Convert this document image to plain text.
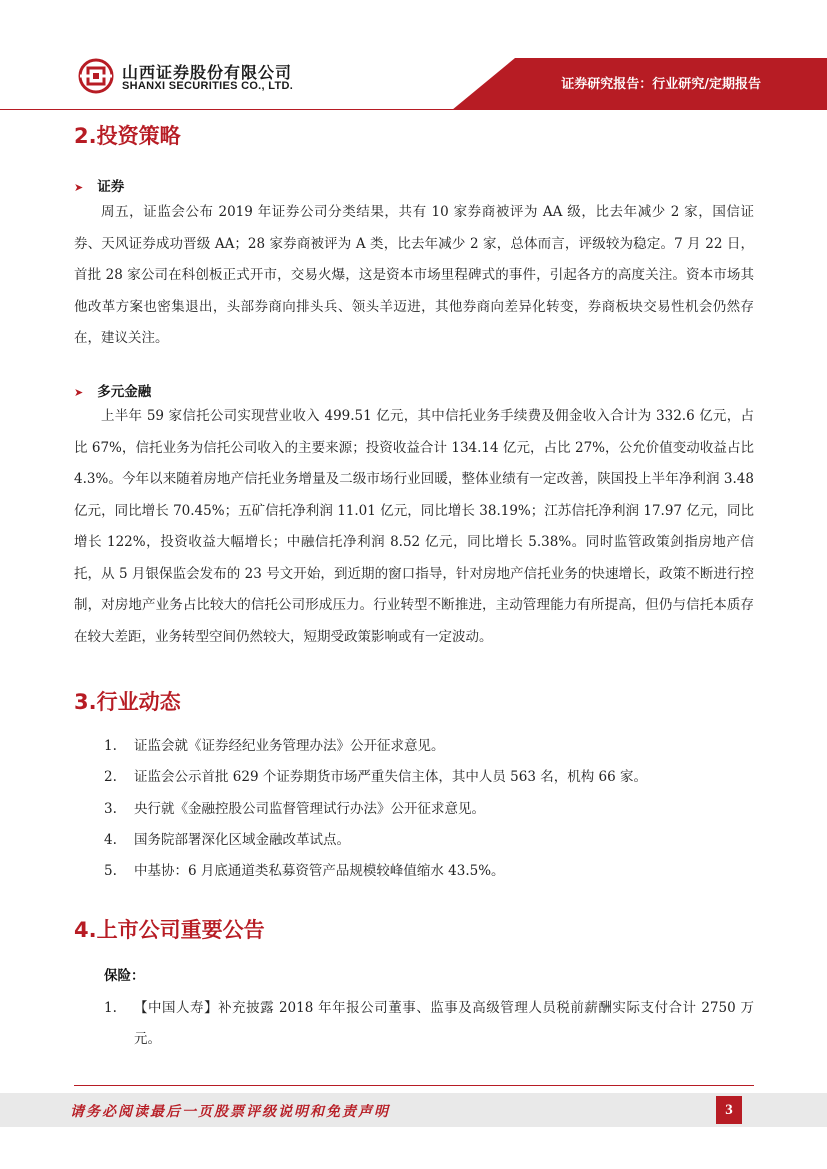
山西证券股份有限公司
SHANXI SECURITIES CO., LTD.	证券研究报告：行业研究/定期报告
2.投资策略
➤ 证券

周五，证监会公布 2019 年证券公司分类结果，共有 10 家券商被评为 AA 级，比去年减少 2 家，国信证券、天风证券成功晋级 AA；28 家券商被评为 A 类，比去年减少 2 家，总体而言，评级较为稳定。7 月 22 日，首批 28 家公司在科创板正式开市，交易火爆，这是资本市场里程碑式的事件，引起各方的高度关注。资本市场其他改革方案也密集退出，头部券商向排头兵、领头羊迈进，其他券商向差异化转变，券商板块交易性机会仍然存在，建议关注。

➤ 多元金融

上半年 59 家信托公司实现营业收入 499.51 亿元，其中信托业务手续费及佣金收入合计为 332.6 亿元，占比 67%，信托业务为信托公司收入的主要来源；投资收益合计 134.14 亿元，占比 27%，公允价值变动收益占比 4.3%。今年以来随着房地产信托业务增量及二级市场行业回暖，整体业绩有一定改善，陕国投上半年净利润 3.48 亿元，同比增长 70.45%；五矿信托净利润 11.01 亿元，同比增长 38.19%；江苏信托净利润 17.97 亿元，同比增长 122%，投资收益大幅增长；中融信托净利润 8.52 亿元，同比增长 5.38%。同时监管政策剑指房地产信托，从 5 月银保监会发布的 23 号文开始，到近期的窗口指导，针对房地产信托业务的快速增长，政策不断进行控制，对房地产业务占比较大的信托公司形成压力。行业转型不断推进，主动管理能力有所提高，但仍与信托本质存在较大差距，业务转型空间仍然较大，短期受政策影响或有一定波动。

3.行业动态
1. 证监会就《证券经纪业务管理办法》公开征求意见。
2. 证监会公示首批 629 个证券期货市场严重失信主体，其中人员 563 名，机构 66 家。
3. 央行就《金融控股公司监督管理试行办法》公开征求意见。
4. 国务院部署深化区域金融改革试点。
5. 中基协：6 月底通道类私募资管产品规模较峰值缩水 43.5%。
4.上市公司重要公告
保险：
1. 【中国人寿】补充披露 2018 年年报公司董事、监事及高级管理人员税前薪酬实际支付合计 2750 万元。
请务必阅读最后一页股票评级说明和免责声明	3
